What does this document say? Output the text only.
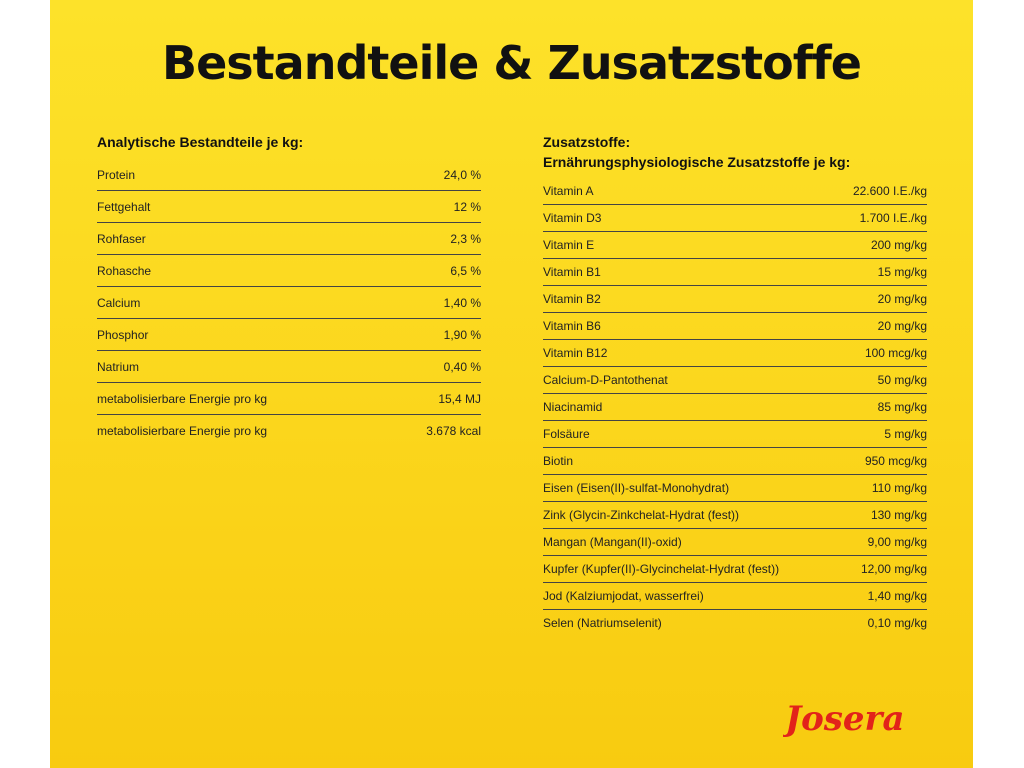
Bestandteile & Zusatzstoffe
Analytische Bestandteile je kg:
Protein	24,0 %
Fettgehalt	12 %
Rohfaser	2,3 %
Rohasche	6,5 %
Calcium	1,40 %
Phosphor	1,90 %
Natrium	0,40 %
metabolisierbare Energie pro kg	15,4 MJ
metabolisierbare Energie pro kg	3.678 kcal
Zusatzstoffe:
Ernährungsphysiologische Zusatzstoffe je kg:
Vitamin A	22.600 I.E./kg
Vitamin D3	1.700 I.E./kg
Vitamin E	200 mg/kg
Vitamin B1	15 mg/kg
Vitamin B2	20 mg/kg
Vitamin B6	20 mg/kg
Vitamin B12	100 mcg/kg
Calcium-D-Pantothenat	50 mg/kg
Niacinamid	85 mg/kg
Folsäure	5 mg/kg
Biotin	950 mcg/kg
Eisen (Eisen(II)-sulfat-Monohydrat)	110 mg/kg
Zink (Glycin-Zinkchelat-Hydrat (fest))	130 mg/kg
Mangan (Mangan(II)-oxid)	9,00 mg/kg
Kupfer (Kupfer(II)-Glycinchelat-Hydrat (fest))	12,00 mg/kg
Jod (Kalziumjodat, wasserfrei)	1,40 mg/kg
Selen (Natriumselenit)	0,10 mg/kg
Josera
